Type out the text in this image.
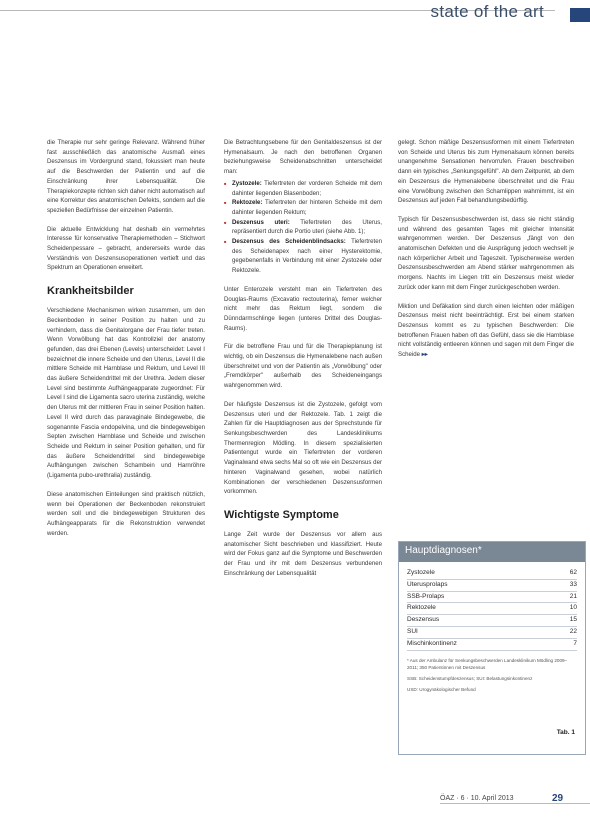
state of the art

die Therapie nur sehr geringe Relevanz. Während früher fast ausschließlich das anatomische Ausmaß eines Deszensus im Vordergrund stand, fokussiert man heute auf die Beschwerden der Patientin und auf die Einschränkung ihrer Lebensqualität. Die Therapiekonzepte richten sich daher nicht automatisch auf eine Korrektur des anatomischen Defekts, sondern auf die speziellen Bedürfnisse der einzelnen Patientin.

Die aktuelle Entwicklung hat deshalb ein vermehrtes Interesse für konservative Therapiemethoden – Stichwort Scheidenpessare – gebracht, andererseits wurde das Verständnis von Deszensusoperationen vertieft und das Spektrum an Operationen erweitert.

Krankheitsbilder

Verschiedene Mechanismen wirken zusammen, um den Beckenboden in seiner Position zu halten und zu verhindern, dass die Genitalorgane der Frau tiefer treten. Wenn Vorwölbung hat das Kontrollziel der anatomy gefunden, das drei Ebenen (Levels) unterscheidet: Level I bezeichnet die innere Scheide und den Uterus, Level II die mittlere Scheide mit Harnblase und Rektum, und Level III das äußere Scheidendrittel mit der Urethra. Jedem dieser Level sind bestimmte Aufhängeapparate zugeordnet: Für Level I sind die Ligamenta sacro uterina zuständig, welche den Uterus mit der mittleren Frau in seiner Position halten. Level II wird durch das paravaginale Bindegewebe, die sogenannte Fascia endopelvina, und die bindegewebigen Septen zwischen Harnblase und Scheide und zwischen Scheide und Rektum in seiner Position gehalten, und für das äußere Scheidendrittel sind bindegewebige Aufhängungen zwischen Schambein und Harnröhre (Ligamenta pubo-urethralia) zuständig.

Diese anatomischen Einteilungen sind praktisch nützlich, wenn bei Operationen der Beckenboden rekonstruiert werden soll und die bindegewebigen Strukturen des Aufhängeapparats für die Rekonstruktion verwendet werden.

Die Betrachtungsebene für den Genitaldeszensus ist der Hymenalsaum. Je nach den betroffenen Organen beziehungsweise Scheidenabschnitten unterscheidet man:

■ Zystozele: Tiefertreten der vorderen Scheide mit dem dahinter liegenden Blasenboden;
■ Rektozele: Tiefertreten der hinteren Scheide mit dem dahinter liegenden Rektum;
■ Deszensus uteri: Tiefertreten des Uterus, repräsentiert durch die Portio uteri (siehe Abb. 1);
■ Deszensus des Scheidenblindsacks: Tiefertreten des Scheidenapex nach einer Hysterektomie, gegebenenfalls in Verbindung mit einer Zystozele oder Rektozele.

Unter Enterozele versteht man ein Tiefertreten des Douglas-Raums (Excavatio rectouterina), ferner welcher nicht mehr das Rektum liegt, sondern die Dünndarmschlinge liegen (unteres Drittel des Douglas-Raums).

Für die betroffene Frau und für die Therapieplanung ist wichtig, ob ein Deszensus die Hymenalebene nach außen überschreitet und von der Patientin als „Vorwölbung" oder „Fremdkörper" außerhalb des Scheideneingangs wahrgenommen wird.

Der häufigste Deszensus ist die Zystozele, gefolgt vom Deszensus uteri und der Rektozele. Tab. 1 zeigt die Zahlen für die Hauptdiagnosen aus der Sprechstunde für Senkungsbeschwerden des Landesklinikums Thermenregion Mödling. In diesem spezialisierten Patientengut wurde ein Tiefertreten der vorderen Vaginalwand etwa sechs Mal so oft wie ein Deszensus der hinteren Vaginalwand gesehen, wobei natürlich Kombinationen der verschiedenen Deszensusformen vorkommen.

Wichtigste Symptome

Lange Zeit wurde der Deszensus vor allem aus anatomischer Sicht beschrieben und klassifiziert. Heute wird der Fokus ganz auf die Symptome und Beschwerden der Frau und ihr mit dem Deszensus verbundenen Einschränkung der Lebensqualität

gelegt. Schon mäßige Deszensusformen mit einem Tiefertreten von Scheide und Uterus bis zum Hymenalsaum können bereits unangenehme Sensationen hervorrufen. Frauen beschreiben dann ein typisches „Senkungsgefühl". Ab dem Zeitpunkt, ab dem ein Deszensus die Hymenalebene überschreitet und die Frau eine Vorwölbung zwischen den Schamlippen wahrnimmt, ist ein Deszensus auf jeden Fall behandlungsbedürftig.

Typisch für Deszensusbeschwerden ist, dass sie nicht ständig und während des gesamten Tages mit gleicher Intensität wahrgenommen werden. Der Deszensus „fängt von den anatomischen Defekten und die Ausprägung jedoch wechselt je nach körperlicher Arbeit und Tageszeit. Typischerweise werden Deszensusbeschwerden am Abend stärker wahrgenommen als morgens. Nachts im Liegen tritt ein Deszensus meist wieder zurück oder kann mit dem Finger zurückgeschoben werden.

Miktion und Defäkation sind durch einen leichten oder mäßigen Deszensus meist nicht beeinträchtigt. Erst bei einem starken Deszensus kommt es zu typischen Beschwerden: Die betroffenen Frauen haben oft das Gefühl, dass sie die Harnblase nicht vollständig entleeren können und sagen mit dem Finger die Scheide ▸▸

Hauptdiagnosen*
Zystozele	62
Uterusprolaps	33
SSB-Prolaps	21
Rektozele	10
Deszensus	15
SUI	22
Mischinkontinenz	7
* Aus der Ambulanz für Senkungsbeschwerden Landesklinikum Mödling 2009–2011; 350 Patientinnen mit Deszensus
SSB: Scheidenstumpfdeszensus; SUI: Belastungsinkontinenz
USD: Urogynäkologischer Befund
Tab. 1
ÖAZ · 6 · 10. April 2013	29
